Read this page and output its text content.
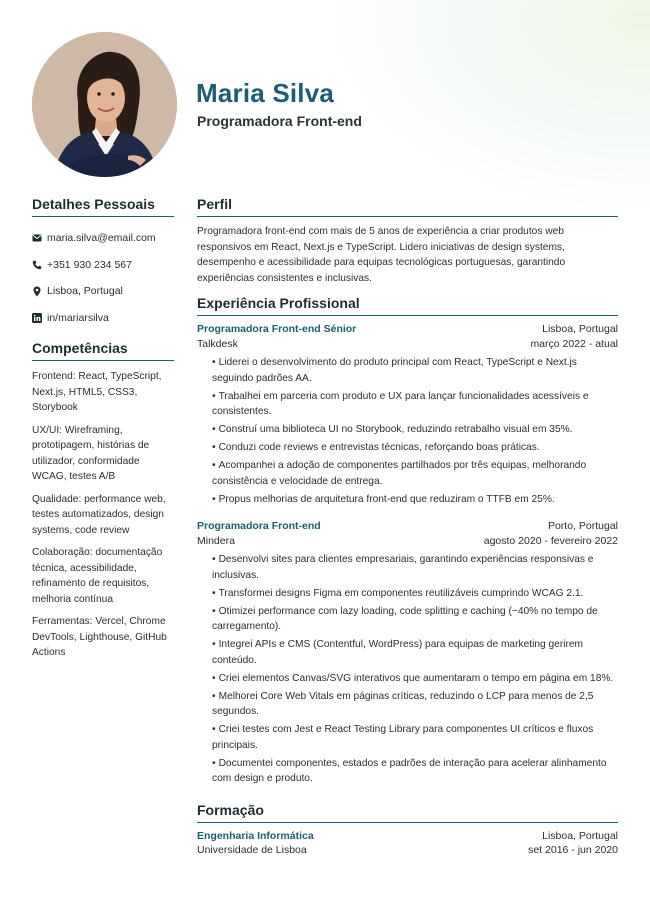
Maria Silva
Programadora Front-end
Detalhes Pessoais
maria.silva@email.com
+351 930 234 567
Lisboa, Portugal
in/mariarsilva
Competências
Frontend: React, TypeScript, Next.js, HTML5, CSS3, Storybook
UX/UI: Wireframing, prototipagem, histórias de utilizador, conformidade WCAG, testes A/B
Qualidade: performance web, testes automatizados, design systems, code review
Colaboração: documentação técnica, acessibilidade, refinamento de requisitos, melhoria contínua
Ferramentas: Vercel, Chrome DevTools, Lighthouse, GitHub Actions
Perfil
Programadora front-end com mais de 5 anos de experiência a criar produtos web responsivos em React, Next.js e TypeScript. Lidero iniciativas de design systems, desempenho e acessibilidade para equipas tecnológicas portuguesas, garantindo experiências consistentes e inclusivas.
Experiência Profissional
Programadora Front-end Sénior	Lisboa, Portugal
Talkdesk	março 2022 - atual
• Liderei o desenvolvimento do produto principal com React, TypeScript e Next.js seguindo padrões AA.
• Trabalhei em parceria com produto e UX para lançar funcionalidades acessíveis e consistentes.
• Construí uma biblioteca UI no Storybook, reduzindo retrabalho visual em 35%.
• Conduzi code reviews e entrevistas técnicas, reforçando boas práticas.
• Acompanhei a adoção de componentes partilhados por três equipas, melhorando consistência e velocidade de entrega.
• Propus melhorias de arquitetura front-end que reduziram o TTFB em 25%.
Programadora Front-end	Porto, Portugal
Mindera	agosto 2020 - fevereiro 2022
• Desenvolvi sites para clientes empresariais, garantindo experiências responsivas e inclusivas.
• Transformei designs Figma em componentes reutilizáveis cumprindo WCAG 2.1.
• Otimizei performance com lazy loading, code splitting e caching (−40% no tempo de carregamento).
• Integrei APIs e CMS (Contentful, WordPress) para equipas de marketing gerirem conteúdo.
• Criei elementos Canvas/SVG interativos que aumentaram o tempo em página em 18%.
• Melhorei Core Web Vitals em páginas críticas, reduzindo o LCP para menos de 2,5 segundos.
• Criei testes com Jest e React Testing Library para componentes UI críticos e fluxos principais.
• Documentei componentes, estados e padrões de interação para acelerar alinhamento com design e produto.
Formação
Engenharia Informática	Lisboa, Portugal
Universidade de Lisboa	set 2016 - jun 2020
